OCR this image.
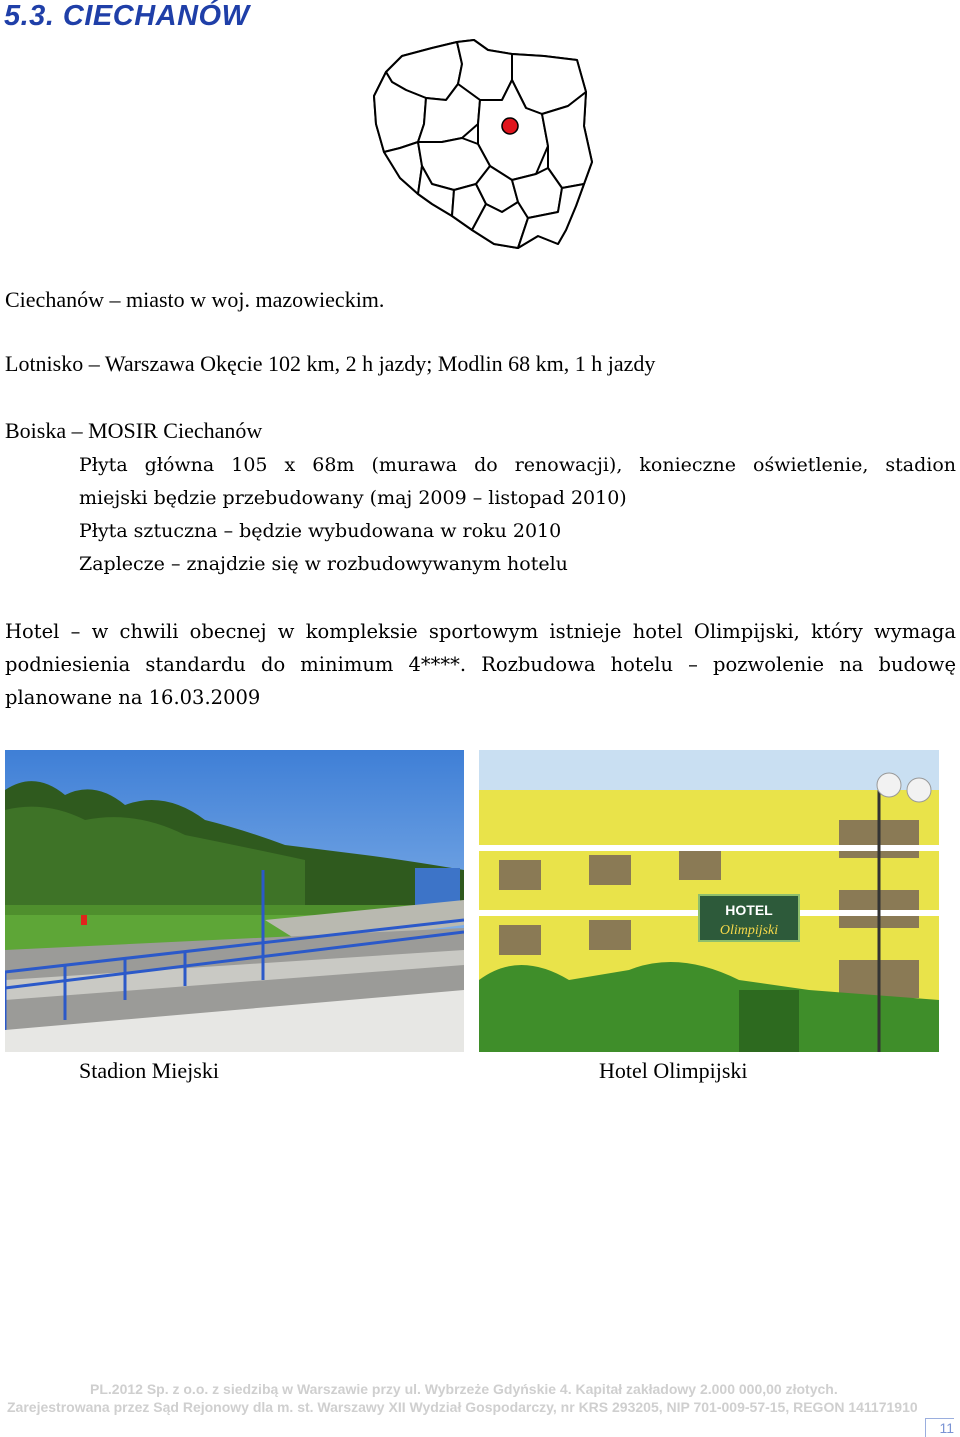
5.3. CIECHANÓW
Ciechanów – miasto w woj. mazowieckim.
Lotnisko – Warszawa Okęcie 102 km, 2 h jazdy; Modlin 68 km, 1 h jazdy
Boiska – MOSIR Ciechanów
Płyta główna 105 x 68m (murawa do renowacji), konieczne oświetlenie, stadion
miejski będzie przebudowany (maj 2009 – listopad 2010)
Płyta sztuczna – będzie wybudowana w roku 2010
Zaplecze – znajdzie się w rozbudowywanym hotelu
Hotel – w chwili obecnej w kompleksie sportowym istnieje hotel Olimpijski, który wymaga podniesienia standardu do minimum 4****. Rozbudowa hotelu – pozwolenie na budowę planowane na 16.03.2009
HOTEL
Olimpijski
Stadion Miejski	Hotel Olimpijski
PL.2012 Sp. z o.o. z siedzibą w Warszawie przy ul. Wybrzeże Gdyńskie 4. Kapitał zakładowy 2.000 000,00 złotych.
Zarejestrowana przez Sąd Rejonowy dla m. st. Warszawy XII Wydział Gospodarczy, nr KRS 293205, NIP 701-009-57-15, REGON 141171910
11
